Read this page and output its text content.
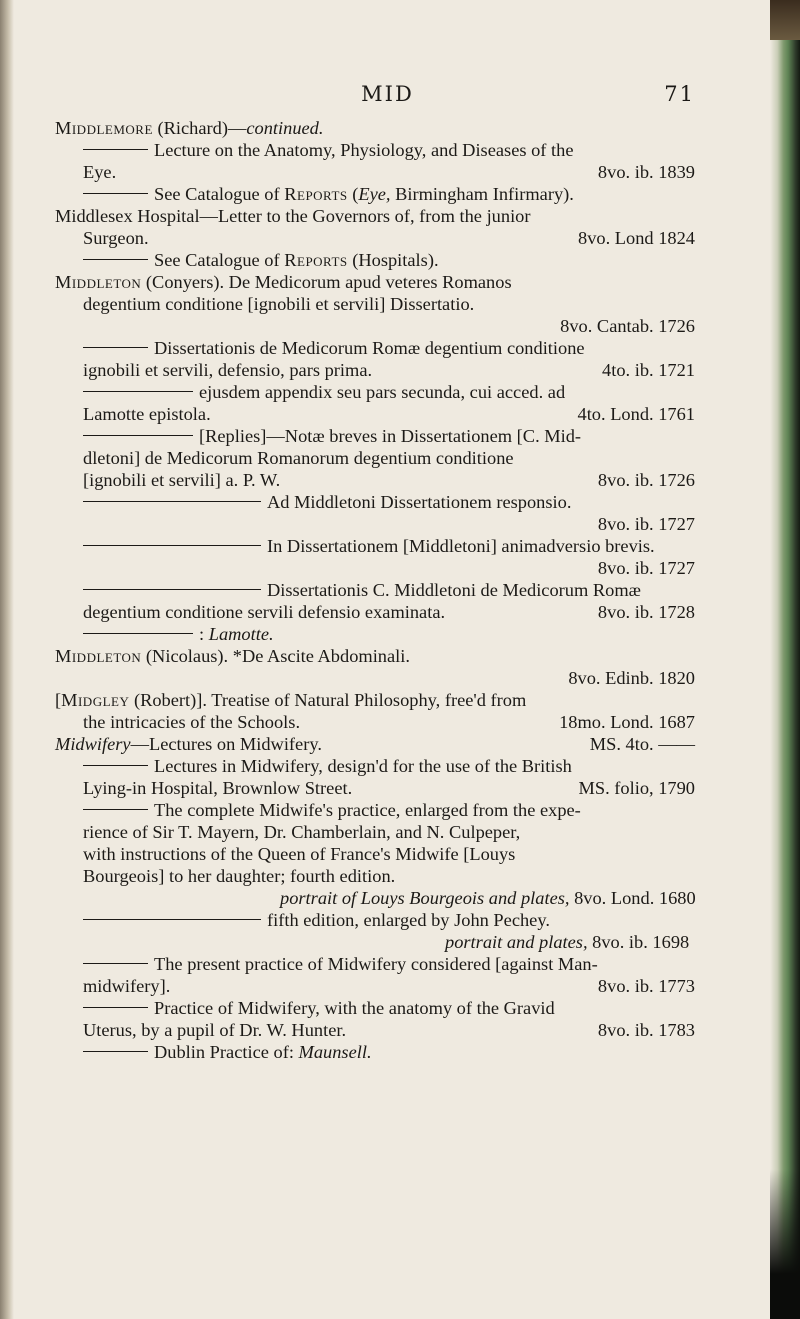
MID	71
Middlemore (Richard)—continued.
Lecture on the Anatomy, Physiology, and Diseases of the
Eye.	8vo. ib. 1839
See Catalogue of Reports (Eye, Birmingham Infirmary).
Middlesex Hospital—Letter to the Governors of, from the junior
Surgeon.	8vo. Lond 1824
See Catalogue of Reports (Hospitals).
Middleton (Conyers). De Medicorum apud veteres Romanos
degentium conditione [ignobili et servili] Dissertatio.
8vo. Cantab. 1726
Dissertationis de Medicorum Romæ degentium conditione
ignobili et servili, defensio, pars prima.	4to. ib. 1721
ejusdem appendix seu pars secunda, cui acced. ad
Lamotte epistola.	4to. Lond. 1761
[Replies]—Notæ breves in Dissertationem [C. Mid-
dletoni] de Medicorum Romanorum degentium conditione
[ignobili et servili] a. P. W.	8vo. ib. 1726
Ad Middletoni Dissertationem responsio.
8vo. ib. 1727
In Dissertationem [Middletoni] animadversio brevis.
8vo. ib. 1727
Dissertationis C. Middletoni de Medicorum Romæ
degentium conditione servili defensio examinata.	8vo. ib. 1728
: Lamotte.
Middleton (Nicolaus). *De Ascite Abdominali.
8vo. Edinb. 1820
[Midgley (Robert)]. Treatise of Natural Philosophy, free'd from
the intricacies of the Schools.	18mo. Lond. 1687
Midwifery—Lectures on Midwifery.	MS. 4to. ——
Lectures in Midwifery, design'd for the use of the British
Lying-in Hospital, Brownlow Street.	MS. folio, 1790
The complete Midwife's practice, enlarged from the expe-
rience of Sir T. Mayern, Dr. Chamberlain, and N. Culpeper,
with instructions of the Queen of France's Midwife [Louys
Bourgeois] to her daughter; fourth edition.
portrait of Louys Bourgeois and plates, 8vo. Lond. 1680
fifth edition, enlarged by John Pechey.
portrait and plates, 8vo. ib. 1698
The present practice of Midwifery considered [against Man-
midwifery].	8vo. ib. 1773
Practice of Midwifery, with the anatomy of the Gravid
Uterus, by a pupil of Dr. W. Hunter.	8vo. ib. 1783
Dublin Practice of: Maunsell.
